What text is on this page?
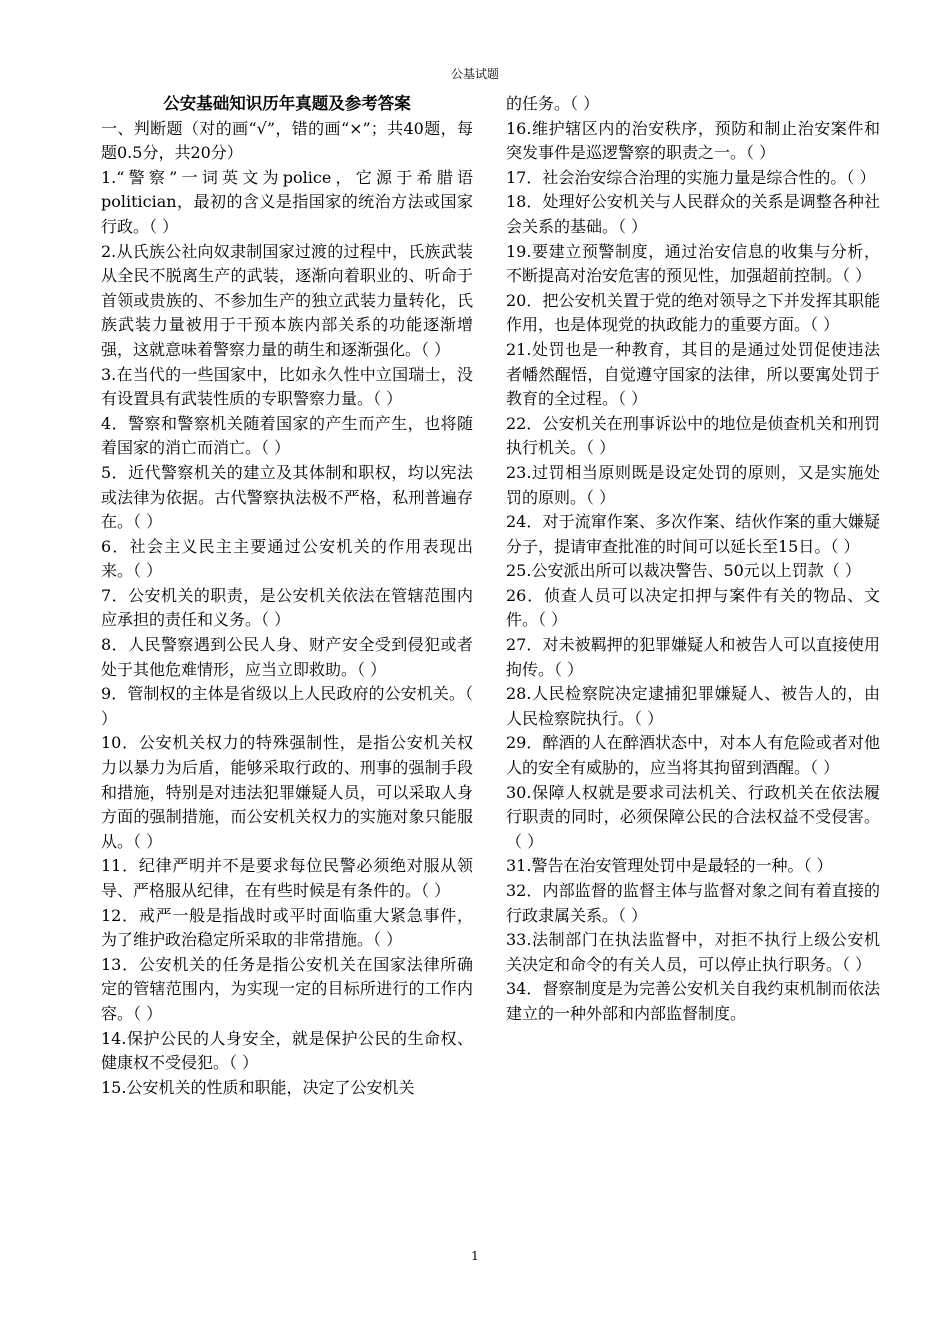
公基试题

公安基础知识历年真题及参考答案

一、判断题（对的画“√”，错的画“×”；共40题，每题0.5分，共20分）

1.“警察”一词英文为police，它源于希腊语politician，最初的含义是指国家的统治方法或国家行政。（ ）

2.从氏族公社向奴隶制国家过渡的过程中，氏族武装从全民不脱离生产的武装，逐渐向着职业的、听命于首领或贵族的、不参加生产的独立武装力量转化，氏族武装力量被用于干预本族内部关系的功能逐渐增强，这就意味着警察力量的萌生和逐渐强化。（ ）

3.在当代的一些国家中，比如永久性中立国瑞士，没有设置具有武装性质的专职警察力量。（ ）

4．警察和警察机关随着国家的产生而产生，也将随着国家的消亡而消亡。（ ）

5．近代警察机关的建立及其体制和职权，均以宪法或法律为依据。古代警察执法极不严格，私刑普遍存在。（ ）

6．社会主义民主主要通过公安机关的作用表现出来。（ ）

7．公安机关的职责，是公安机关依法在管辖范围内应承担的责任和义务。（ ）

8．人民警察遇到公民人身、财产安全受到侵犯或者处于其他危难情形，应当立即救助。（ ）

9．管制权的主体是省级以上人民政府的公安机关。（ ）

10．公安机关权力的特殊强制性，是指公安机关权力以暴力为后盾，能够采取行政的、刑事的强制手段和措施，特别是对违法犯罪嫌疑人员，可以采取人身方面的强制措施，而公安机关权力的实施对象只能服从。（ ）

11．纪律严明并不是要求每位民警必须绝对服从领导、严格服从纪律，在有些时候是有条件的。（ ）

12．戒严一般是指战时或平时面临重大紧急事件，为了维护政治稳定所采取的非常措施。（ ）

13．公安机关的任务是指公安机关在国家法律所确定的管辖范围内，为实现一定的目标所进行的工作内容。（ ）

14.保护公民的人身安全，就是保护公民的生命权、健康权不受侵犯。（ ）

15.公安机关的性质和职能，决定了公安机关

的任务。（ ）

16.维护辖区内的治安秩序，预防和制止治安案件和突发事件是巡逻警察的职责之一。（ ）

17．社会治安综合治理的实施力量是综合性的。（ ）

18．处理好公安机关与人民群众的关系是调整各种社会关系的基础。（ ）

19.要建立预警制度，通过治安信息的收集与分析，不断提高对治安危害的预见性，加强超前控制。（ ）

20．把公安机关置于党的绝对领导之下并发挥其职能作用，也是体现党的执政能力的重要方面。（ ）

21.处罚也是一种教育，其目的是通过处罚促使违法者幡然醒悟，自觉遵守国家的法律，所以要寓处罚于教育的全过程。（ ）

22．公安机关在刑事诉讼中的地位是侦查机关和刑罚执行机关。（ ）

23.过罚相当原则既是设定处罚的原则，又是实施处罚的原则。（ ）

24．对于流窜作案、多次作案、结伙作案的重大嫌疑分子，提请审查批准的时间可以延长至15日。（ ）

25.公安派出所可以裁决警告、50元以上罚款（ ）

26．侦查人员可以决定扣押与案件有关的物品、文件。（ ）

27．对未被羁押的犯罪嫌疑人和被告人可以直接使用拘传。（ ）

28.人民检察院决定逮捕犯罪嫌疑人、被告人的，由人民检察院执行。（ ）

29．醉酒的人在醉酒状态中，对本人有危险或者对他人的安全有威胁的，应当将其拘留到酒醒。（ ）

30.保障人权就是要求司法机关、行政机关在依法履行职责的同时，必须保障公民的合法权益不受侵害。（ ）

31.警告在治安管理处罚中是最轻的一种。（ ）

32．内部监督的监督主体与监督对象之间有着直接的行政隶属关系。（ ）

33.法制部门在执法监督中，对拒不执行上级公安机关决定和命令的有关人员，可以停止执行职务。（ ）

34．督察制度是为完善公安机关自我约束机制而依法建立的一种外部和内部监督制度。

1
